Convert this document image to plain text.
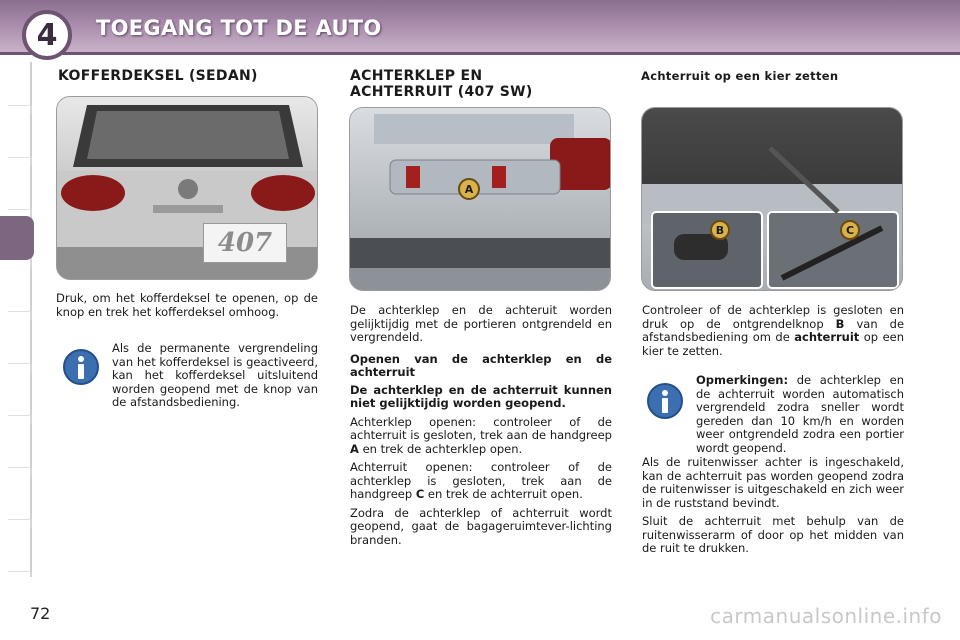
4	TOEGANG TOT DE AUTO
KOFFERDEKSEL (SEDAN)
407
Druk, om het kofferdeksel te openen, op de knop en trek het kofferdeksel omhoog.
Als de permanente vergrendeling van het kofferdeksel is geactiveerd, kan het kofferdeksel uitsluitend worden geopend met de knop van de afstandsbediening.
ACHTERKLEP EN
ACHTERRUIT (407 SW)
A

De achterklep en de achteruit worden gelijktijdig met de portieren ontgrendeld en vergrendeld.

Openen van de achterklep en de achterruit

De achterklep en de achterruit kunnen niet gelijktijdig worden geopend.

Achterklep openen: controleer of de achterruit is gesloten, trek aan de handgreep A en trek de achterklep open.

Achterruit openen: controleer of de achterklep is gesloten, trek aan de handgreep C en trek de achterruit open.

Zodra de achterklep of achterruit wordt geopend, gaat de bagageruimtever-lichting branden.

Achterruit op een kier zetten
B	C
Controleer of de achterklep is gesloten en druk op de ontgrendelknop B van de afstandsbediening om de achterruit op een kier te zetten.
Opmerkingen: de achterklep en de achterruit worden automatisch vergrendeld zodra sneller wordt gereden dan 10 km/h en worden weer ontgrendeld zodra een portier wordt geopend.

Als de ruitenwisser achter is ingeschakeld, kan de achterruit pas worden geopend zodra de ruitenwisser is uitgeschakeld en zich weer in de ruststand bevindt.

Sluit de achterruit met behulp van de ruitenwisserarm of door op het midden van de ruit te drukken.

72	carmanualsonline.info
